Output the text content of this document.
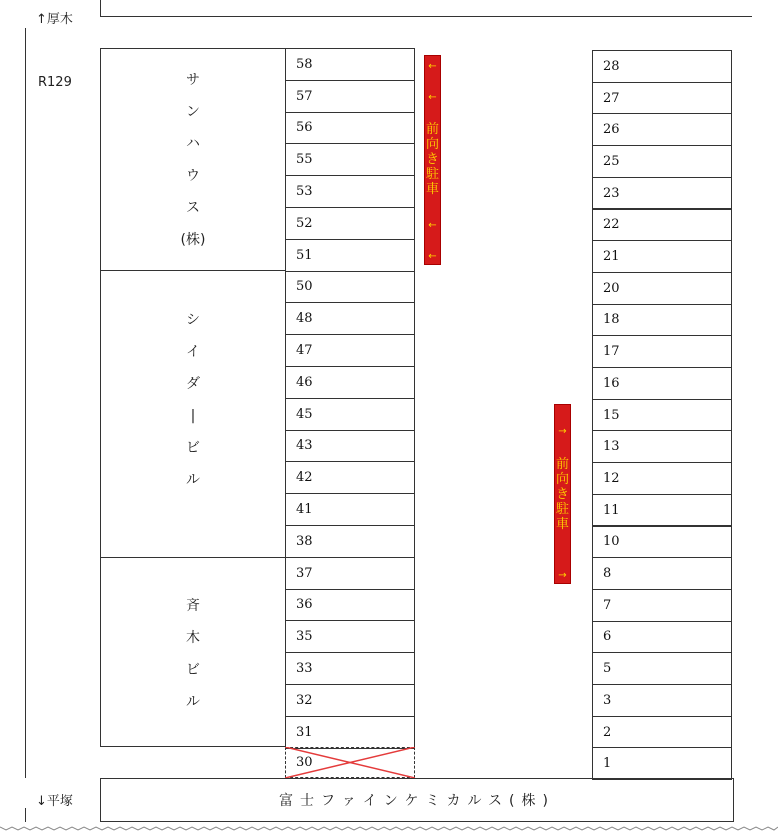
↑厚木
R129
↓平塚
サ
ン
ハ
ウ
ス
(株)
シ
イ
ダ
|
ビ
ル
斉
木
ビ
ル
58
57
56
55
53
52
51
50
48
47
46
45
43
42
41
38
37
36
35
33
32
31
30
28
27
26
25
23
22
21
20
18
17
16
15
13
12
11
10
8
7
6
5
3
2
1
←
←
前
向
き
駐
車
←
←
→
前
向
き
駐
車
→
富士ファインケミカルス(株)
